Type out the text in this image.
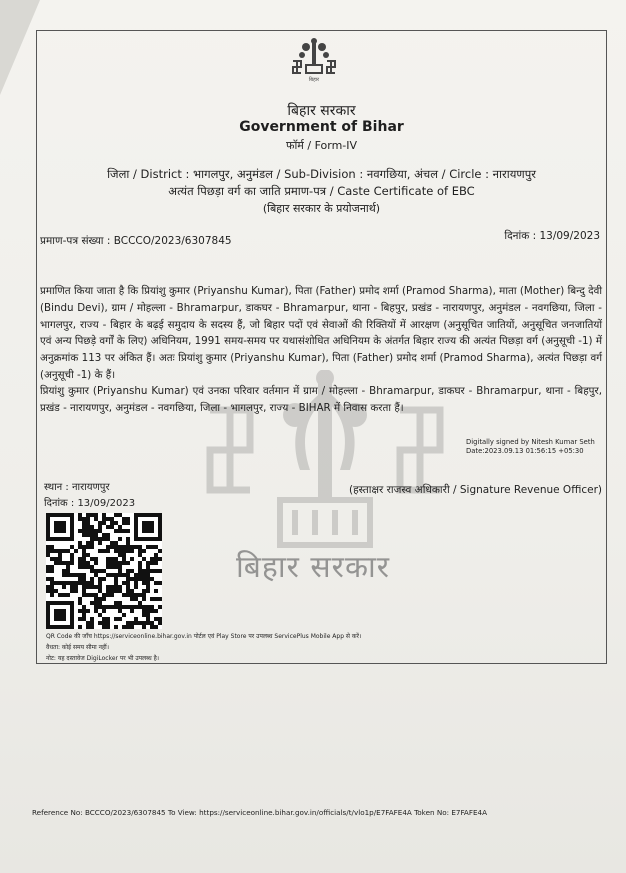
बिहार सरकार
बिहार
बिहार सरकार
Government of Bihar
फॉर्म / Form-IV
जिला / District : भागलपुर, अनुमंडल / Sub-Division : नवगछिया, अंचल / Circle : नारायणपुर
अत्यंत पिछड़ा वर्ग का जाति प्रमाण-पत्र / Caste Certificate of EBC
(बिहार सरकार के प्रयोजनार्थ)
प्रमाण-पत्र संख्या : BCCCO/2023/6307845	दिनांक : 13/09/2023
प्रमाणित किया जाता है कि प्रियांशु कुमार (Priyanshu Kumar), पिता (Father) प्रमोद शर्मा (Pramod Sharma), माता (Mother) बिन्दु देवी (Bindu Devi), ग्राम / मोहल्ला - Bhramarpur, डाकघर - Bhramarpur, थाना - बिहपुर, प्रखंड - नारायणपुर, अनुमंडल - नवगछिया, जिला - भागलपुर, राज्य - बिहार के बढ़ई समुदाय के सदस्य हैं, जो बिहार पदों एवं सेवाओं की रिक्तियों में आरक्षण (अनुसूचित जातियों, अनुसूचित जनजातियों एवं अन्य पिछड़े वर्गों के लिए) अधिनियम, 1991 समय-समय पर यथासंशोधित अधिनियम के अंतर्गत बिहार राज्य की अत्यंत पिछड़ा वर्ग (अनुसूची -1) में अनुक्रमांक 113 पर अंकित हैं। अतः प्रियांशु कुमार (Priyanshu Kumar), पिता (Father) प्रमोद शर्मा (Pramod Sharma), अत्यंत पिछड़ा वर्ग (अनुसूची -1) के हैं।
प्रियांशु कुमार (Priyanshu Kumar) एवं उनका परिवार वर्तमान में ग्राम / मोहल्ला - Bhramarpur, डाकघर - Bhramarpur, थाना - बिहपुर, प्रखंड - नारायणपुर, अनुमंडल - नवगछिया, जिला - भागलपुर, राज्य - BIHAR में निवास करता हैं।
Digitally signed by Nitesh Kumar Seth
Date:2023.09.13 01:56:15 +05:30
स्थान : नारायणपुर
दिनांक : 13/09/2023
(हस्ताक्षर राजस्व अधिकारी / Signature Revenue Officer)
QR Code की जाँच https://serviceonline.bihar.gov.in पोर्टल एवं Play Store पर उपलब्ध ServicePlus Mobile App से करें।
वैधता: कोई समय सीमा नहीं।
नोट: यह दस्तावेज DigiLocker पर भी उपलब्ध है।
Reference No: BCCCO/2023/6307845 To View: https://serviceonline.bihar.gov.in/officials/t/vlo1p/E7FAFE4A Token No: E7FAFE4A
